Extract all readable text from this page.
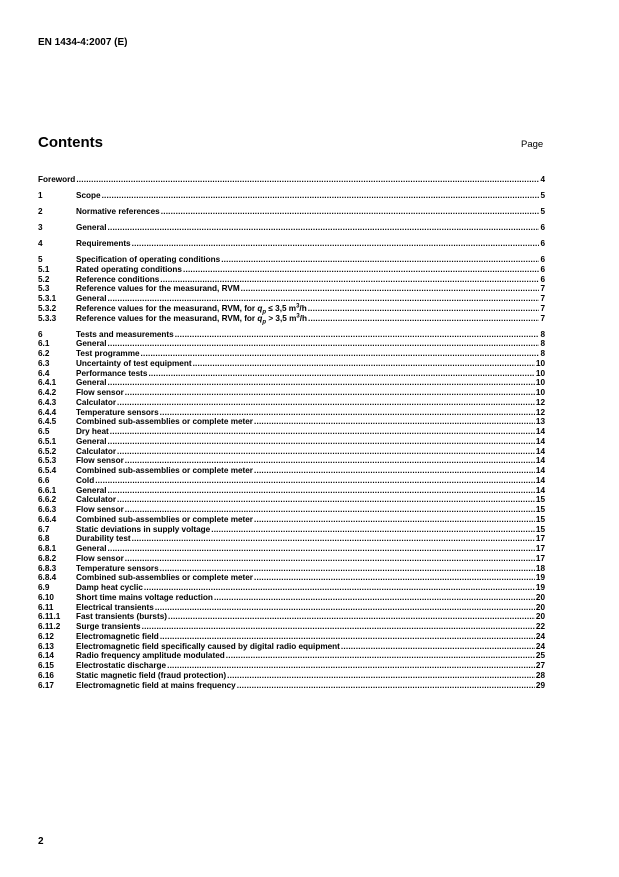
EN 1434-4:2007 (E)
Contents	Page
Foreword .....	4
1	Scope .....	5
2	Normative references .....	5
3	General .....	6
4	Requirements .....	6
5	Specification of operating conditions .....	6
5.1	Rated operating conditions .....	6
5.2	Reference conditions .....	6
5.3	Reference values for the measurand, RVM .....	7
5.3.1	General .....	7
5.3.2	Reference values for the measurand, RVM, for $q_p \le 3,5$ $m^3/h$ .....	7
5.3.3	Reference values for the measurand, RVM, for $q_p > 3,5$ $m^3/h$ .....	7
6	Tests and measurements .....	8
6.1	General .....	8
6.2	Test programme .....	8
6.3	Uncertainty of test equipment .....	10
6.4	Performance tests .....	10
6.4.1	General .....	10
6.4.2	Flow sensor .....	10
6.4.3	Calculator .....	12
6.4.4	Temperature sensors .....	12
6.4.5	Combined sub-assemblies or complete meter .....	13
6.5	Dry heat .....	14
6.5.1	General .....	14
6.5.2	Calculator .....	14
6.5.3	Flow sensor .....	14
6.5.4	Combined sub-assemblies or complete meter .....	14
6.6	Cold .....	14
6.6.1	General .....	14
6.6.2	Calculator .....	15
6.6.3	Flow sensor .....	15
6.6.4	Combined sub-assemblies or complete meter .....	15
6.7	Static deviations in supply voltage .....	15
6.8	Durability test .....	17
6.8.1	General .....	17
6.8.2	Flow sensor .....	17
6.8.3	Temperature sensors .....	18
6.8.4	Combined sub-assemblies or complete meter .....	19
6.9	Damp heat cyclic .....	19
6.10	Short time mains voltage reduction .....	20
6.11	Electrical transients .....	20
6.11.1	Fast transients (bursts) .....	20
6.11.2	Surge transients .....	22
6.12	Electromagnetic field .....	24
6.13	Electromagnetic field specifically caused by digital radio equipment .....	24
6.14	Radio frequency amplitude modulated .....	25
6.15	Electrostatic discharge .....	27
6.16	Static magnetic field (fraud protection) .....	28
6.17	Electromagnetic field at mains frequency .....	29
2
